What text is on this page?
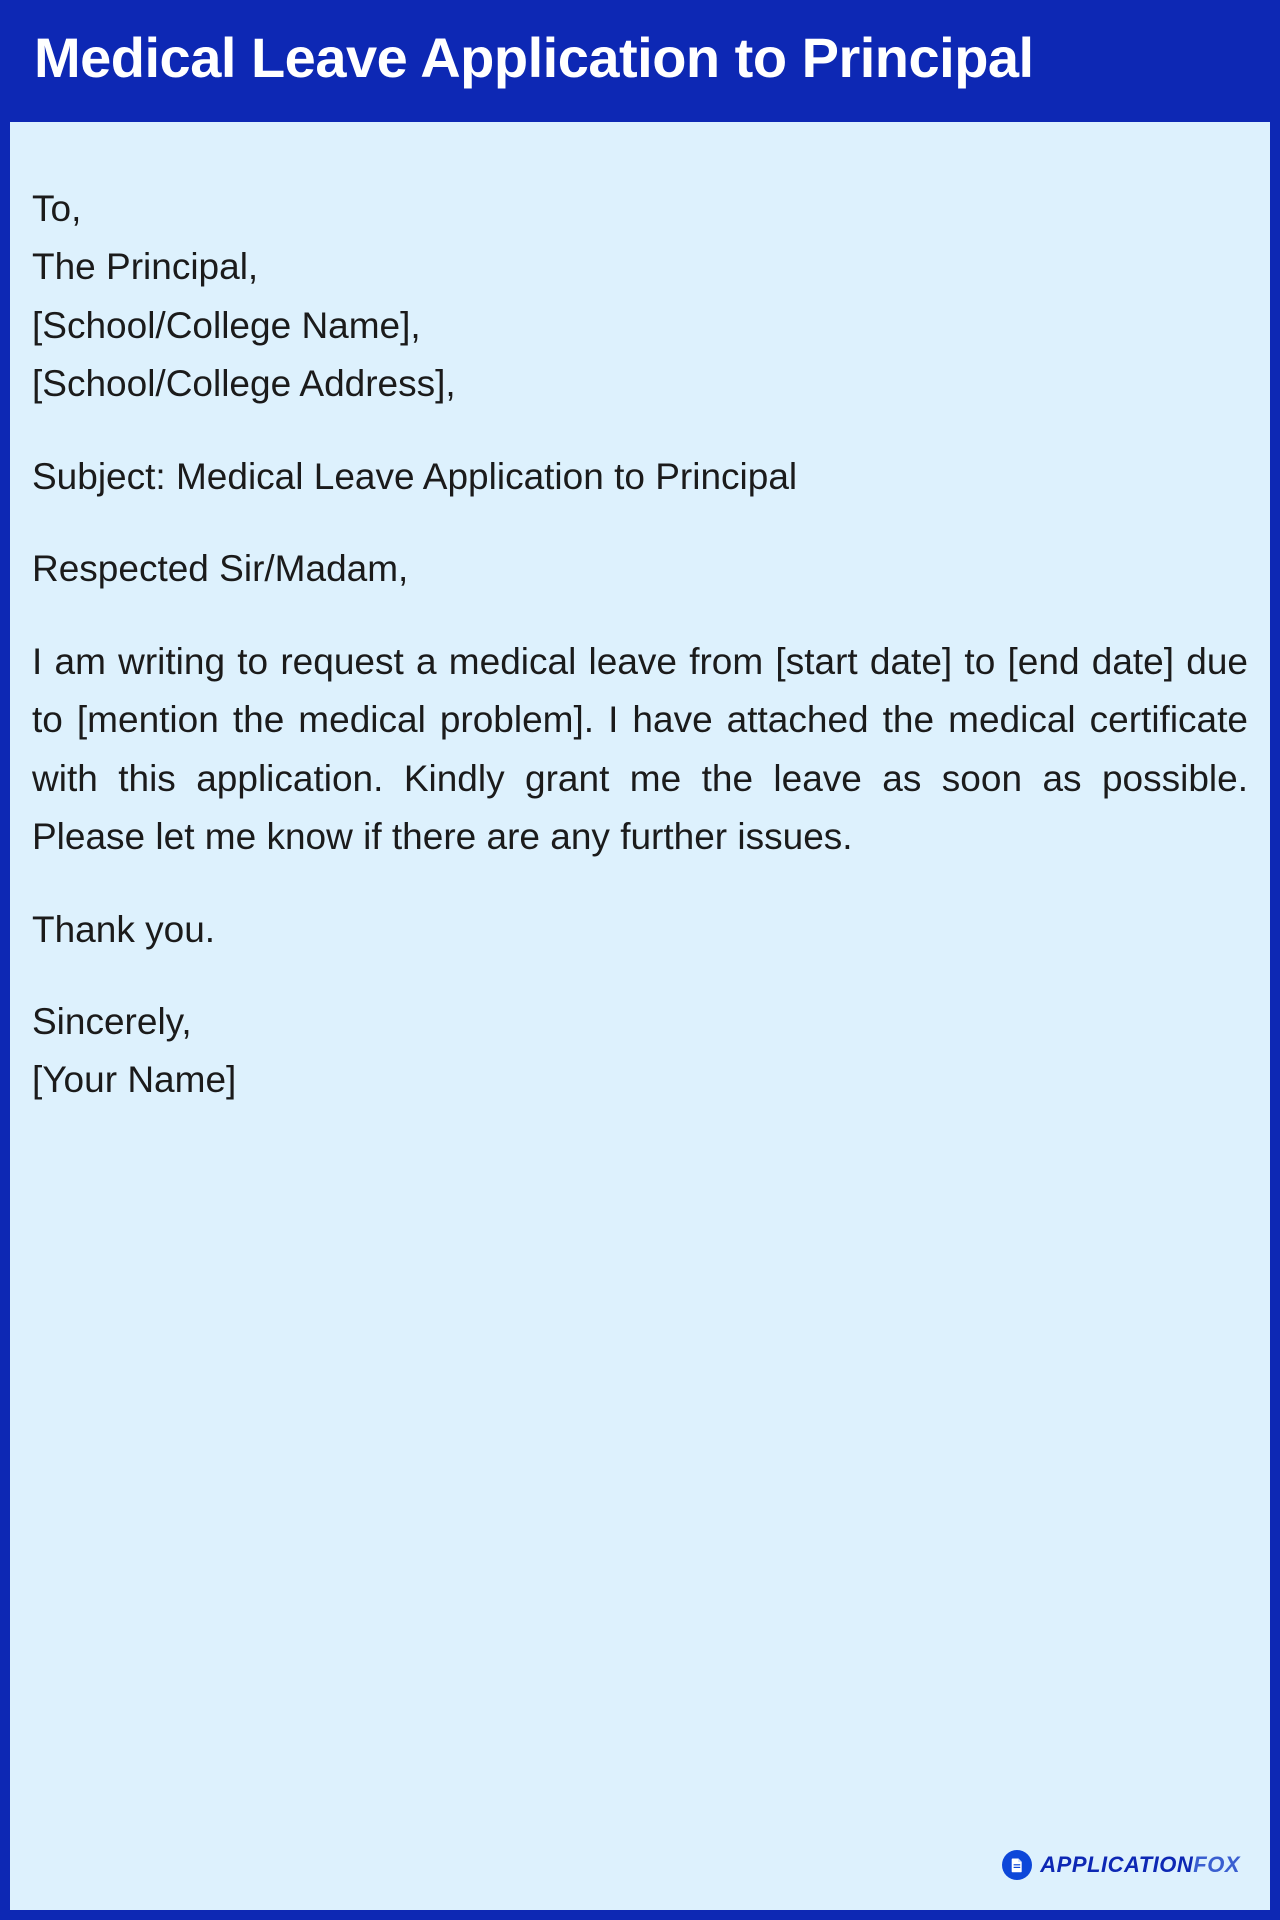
Medical Leave Application to Principal
To,
The Principal,
[School/College Name],
[School/College Address],
Subject: Medical Leave Application to Principal
Respected Sir/Madam,

I am writing to request a medical leave from [start date] to [end date] due to [mention the medical problem]. I have attached the medical certificate with this application. Kindly grant me the leave as soon as possible. Please let me know if there are any further issues.

Thank you.
Sincerely,
[Your Name]
APPLICATIONFOX
